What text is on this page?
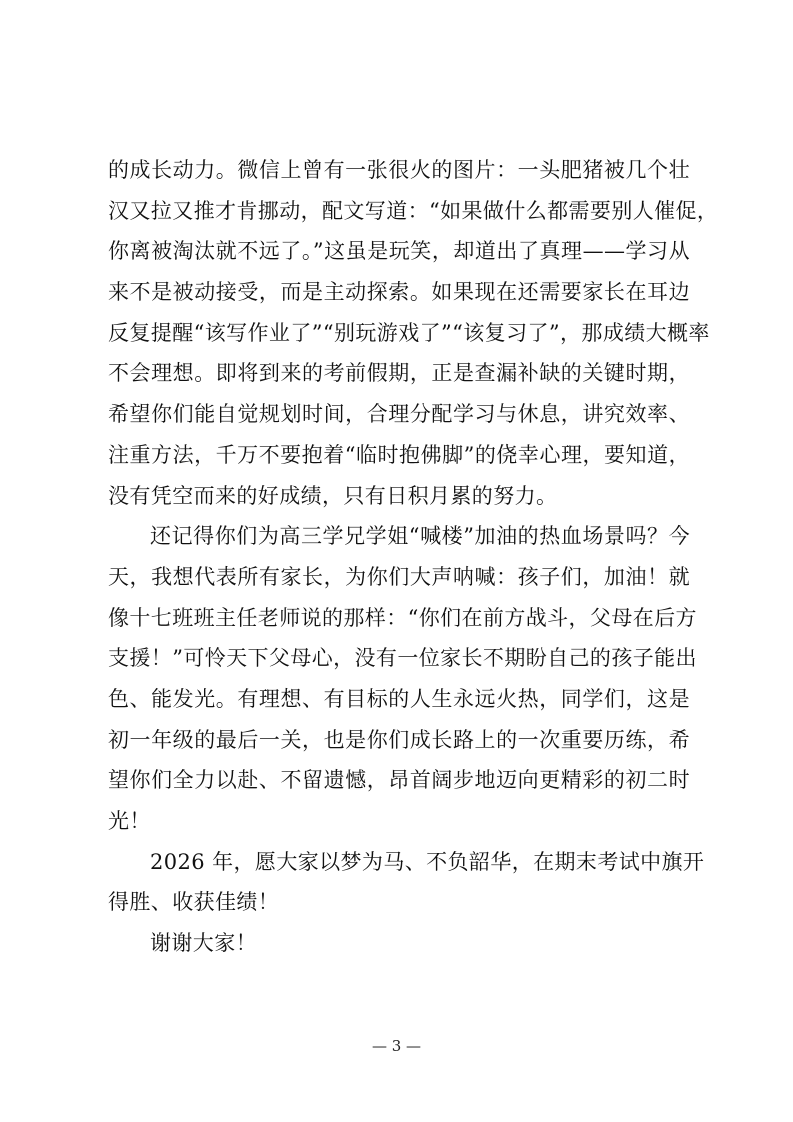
的成长动力。微信上曾有一张很火的图片：一头肥猪被几个壮
汉又拉又推才肯挪动，配文写道：“如果做什么都需要别人催促，
你离被淘汰就不远了。”这虽是玩笑，却道出了真理——学习从
来不是被动接受，而是主动探索。如果现在还需要家长在耳边
反复提醒“该写作业了”“别玩游戏了”“该复习了”，那成绩大概率
不会理想。即将到来的考前假期，正是查漏补缺的关键时期，
希望你们能自觉规划时间，合理分配学习与休息，讲究效率、
注重方法，千万不要抱着“临时抱佛脚”的侥幸心理，要知道，
没有凭空而来的好成绩，只有日积月累的努力。
还记得你们为高三学兄学姐“喊楼”加油的热血场景吗？今
天，我想代表所有家长，为你们大声呐喊：孩子们，加油！就
像十七班班主任老师说的那样：“你们在前方战斗，父母在后方
支援！”可怜天下父母心，没有一位家长不期盼自己的孩子能出
色、能发光。有理想、有目标的人生永远火热，同学们，这是
初一年级的最后一关，也是你们成长路上的一次重要历练，希
望你们全力以赴、不留遗憾，昂首阔步地迈向更精彩的初二时
光！
2026 年，愿大家以梦为马、不负韶华，在期末考试中旗开
得胜、收获佳绩！
谢谢大家！
— 3 —
